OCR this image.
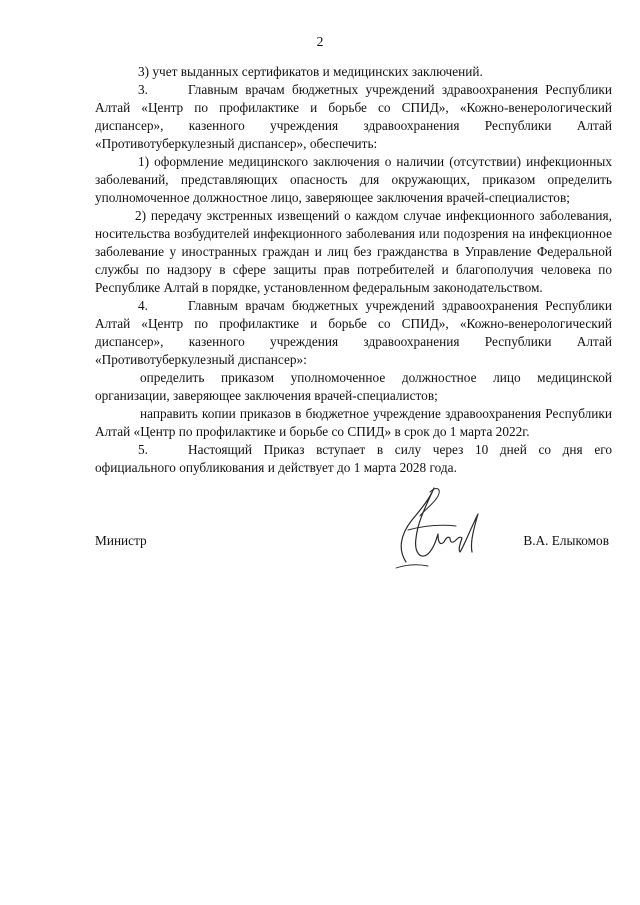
2

3) учет выданных сертификатов и медицинских заключений.

3.	Главным врачам бюджетных учреждений здравоохранения Республики Алтай «Центр по профилактике и борьбе со СПИД», «Кожно-венерологический диспансер», казенного учреждения здравоохранения Республики Алтай «Противотуберкулезный диспансер», обеспечить:

1) оформление медицинского заключения о наличии (отсутствии) инфекционных заболеваний, представляющих опасность для окружающих, приказом определить уполномоченное должностное лицо, заверяющее заключения врачей-специалистов;

2) передачу экстренных извещений о каждом случае инфекционного заболевания, носительства возбудителей инфекционного заболевания или подозрения на инфекционное заболевание у иностранных граждан и лиц без гражданства в Управление Федеральной службы по надзору в сфере защиты прав потребителей и благополучия человека по Республике Алтай в порядке, установленном федеральным законодательством.

4.	Главным врачам бюджетных учреждений здравоохранения Республики Алтай «Центр по профилактике и борьбе со СПИД», «Кожно-венерологический диспансер», казенного учреждения здравоохранения Республики Алтай «Противотуберкулезный диспансер»:

определить приказом уполномоченное должностное лицо медицинской организации, заверяющее заключения врачей-специалистов;

направить копии приказов в бюджетное учреждение здравоохранения Республики Алтай «Центр по профилактике и борьбе со СПИД» в срок до 1 марта 2022г.

5.	Настоящий Приказ вступает в силу через 10 дней со дня его официального опубликования и действует до 1 марта 2028 года.

Министр	В.А. Елыкомов
